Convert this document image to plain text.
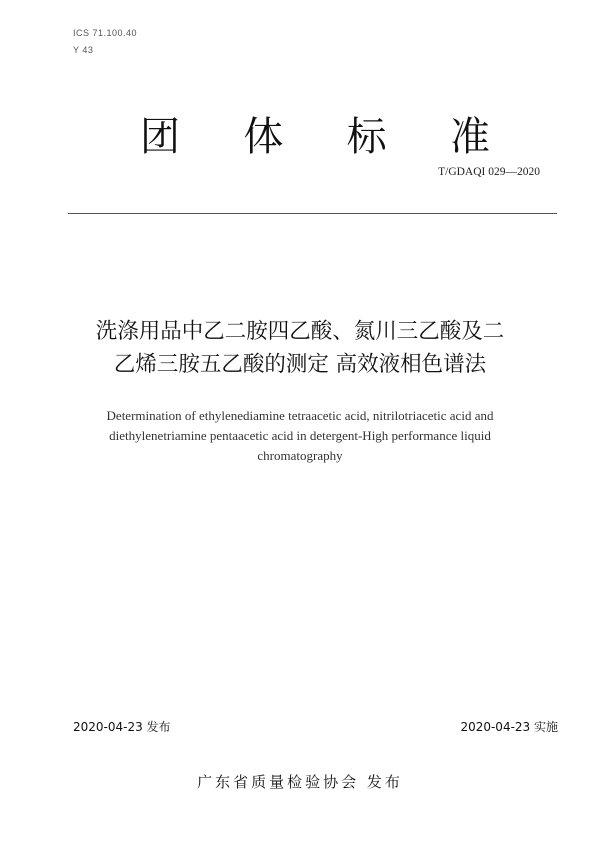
ICS 71.100.40
Y 43
团 体 标 准
T/GDAQI 029—2020
洗涤用品中乙二胺四乙酸、氮川三乙酸及二
乙烯三胺五乙酸的测定 高效液相色谱法
Determination of ethylenediamine tetraacetic acid, nitrilotriacetic acid and diethylenetriamine pentaacetic acid in detergent-High performance liquid chromatography
2020-04-23 发布	2020-04-23 实施
广东省质量检验协会 发布
